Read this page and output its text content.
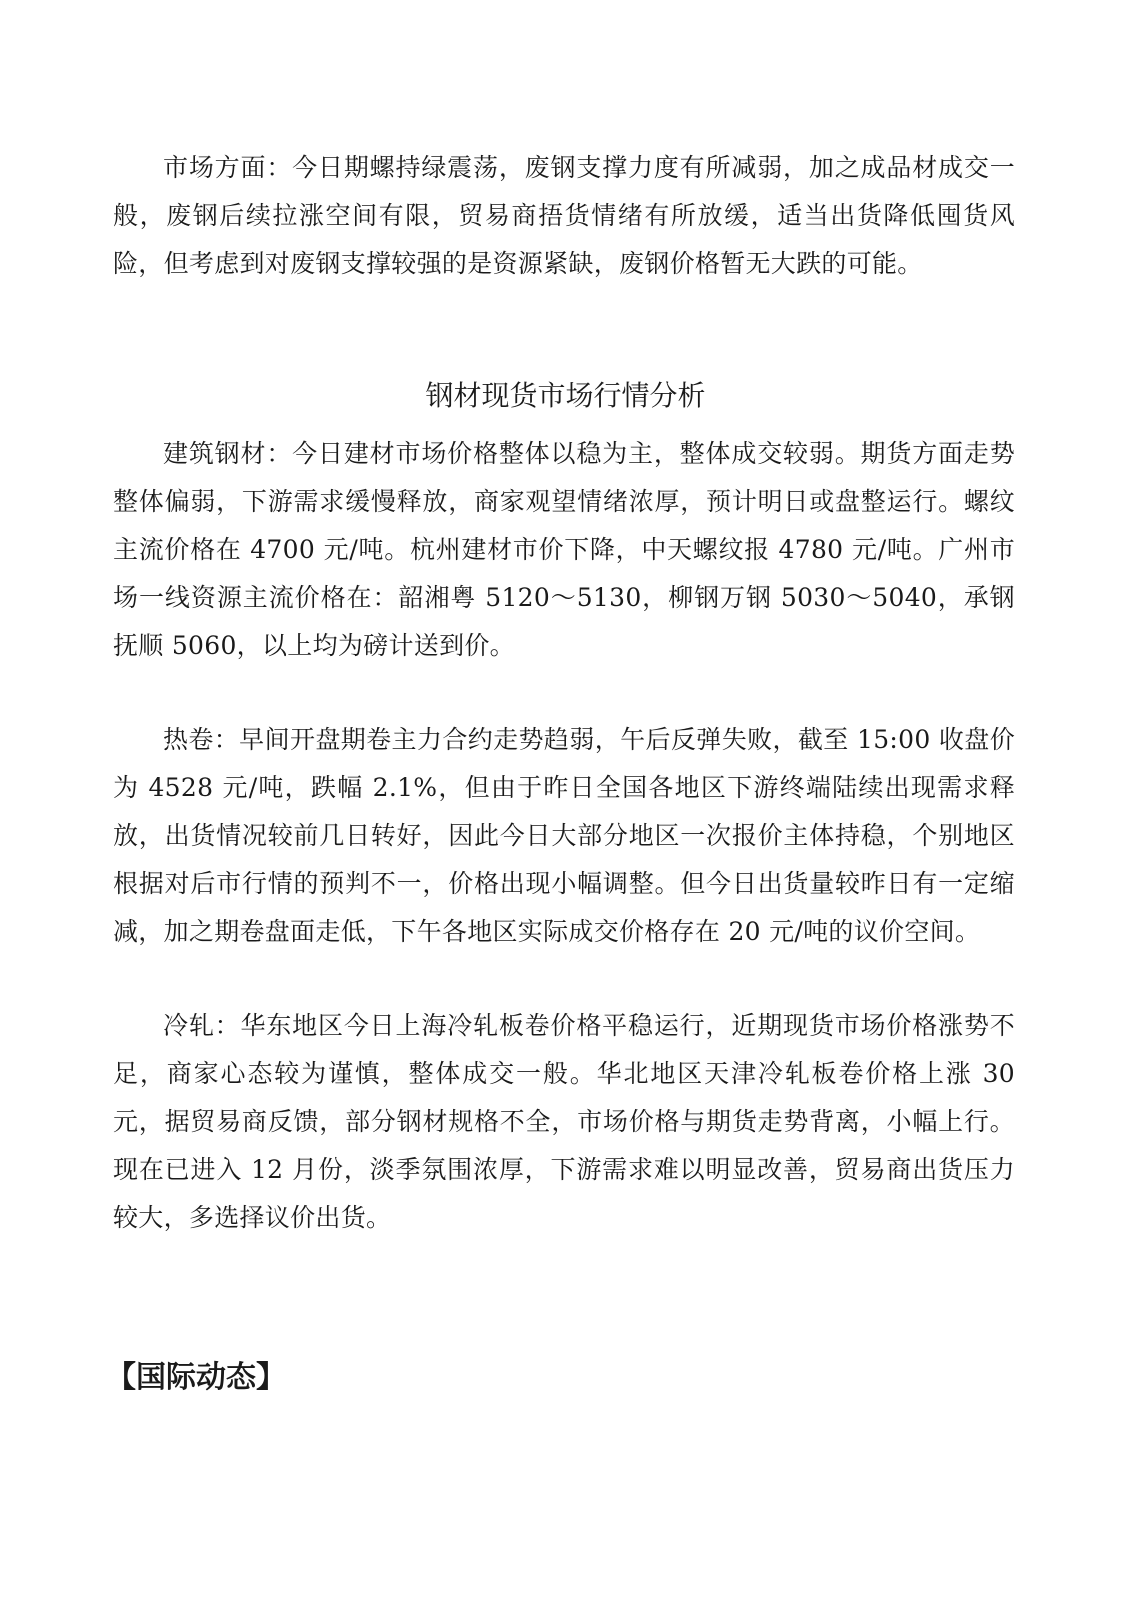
市场方面：今日期螺持绿震荡，废钢支撑力度有所减弱，加之成品材成交一般，废钢后续拉涨空间有限，贸易商捂货情绪有所放缓，适当出货降低囤货风险，但考虑到对废钢支撑较强的是资源紧缺，废钢价格暂无大跌的可能。

钢材现货市场行情分析

建筑钢材：今日建材市场价格整体以稳为主，整体成交较弱。期货方面走势整体偏弱，下游需求缓慢释放，商家观望情绪浓厚，预计明日或盘整运行。螺纹主流价格在 4700 元/吨。杭州建材市价下降，中天螺纹报 4780 元/吨。广州市场一线资源主流价格在：韶湘粤 5120～5130，柳钢万钢 5030～5040，承钢抚顺 5060，以上均为磅计送到价。

热卷：早间开盘期卷主力合约走势趋弱，午后反弹失败，截至 15:00 收盘价为 4528 元/吨，跌幅 2.1%，但由于昨日全国各地区下游终端陆续出现需求释放，出货情况较前几日转好，因此今日大部分地区一次报价主体持稳，个别地区根据对后市行情的预判不一，价格出现小幅调整。但今日出货量较昨日有一定缩减，加之期卷盘面走低，下午各地区实际成交价格存在 20 元/吨的议价空间。

冷轧：华东地区今日上海冷轧板卷价格平稳运行，近期现货市场价格涨势不足，商家心态较为谨慎，整体成交一般。华北地区天津冷轧板卷价格上涨 30 元，据贸易商反馈，部分钢材规格不全，市场价格与期货走势背离，小幅上行。现在已进入 12 月份，淡季氛围浓厚，下游需求难以明显改善，贸易商出货压力较大，多选择议价出货。

【国际动态】
